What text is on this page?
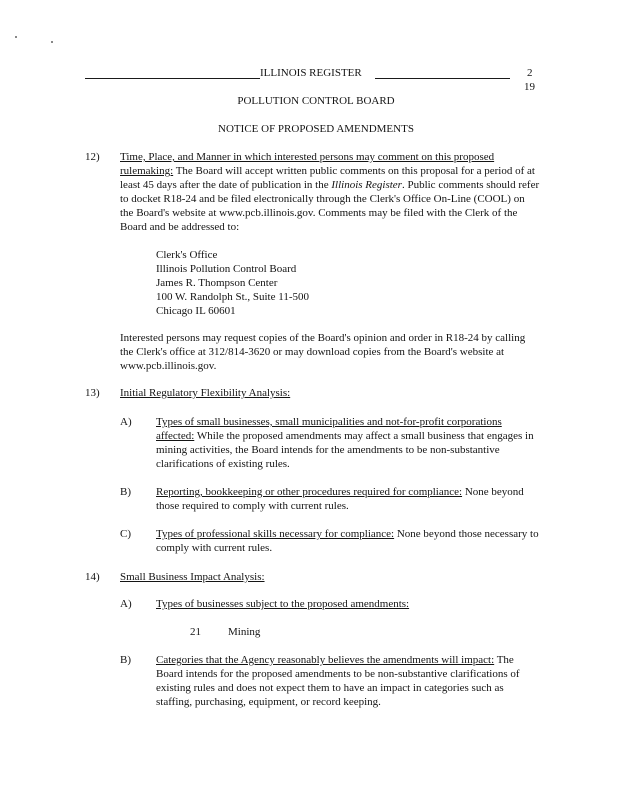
ILLINOIS REGISTER	2
19
POLLUTION CONTROL BOARD
NOTICE OF PROPOSED AMENDMENTS
12) Time, Place, and Manner in which interested persons may comment on this proposed rulemaking: The Board will accept written public comments on this proposal for a period of at least 45 days after the date of publication in the Illinois Register. Public comments should refer to docket R18-24 and be filed electronically through the Clerk's Office On-Line (COOL) on the Board's website at www.pcb.illinois.gov. Comments may be filed with the Clerk of the Board and be addressed to:
Clerk's Office
Illinois Pollution Control Board
James R. Thompson Center
100 W. Randolph St., Suite 11-500
Chicago IL 60601
Interested persons may request copies of the Board's opinion and order in R18-24 by calling the Clerk's office at 312/814-3620 or may download copies from the Board's website at www.pcb.illinois.gov.
13) Initial Regulatory Flexibility Analysis:
A) Types of small businesses, small municipalities and not-for-profit corporations affected: While the proposed amendments may affect a small business that engages in mining activities, the Board intends for the amendments to be non-substantive clarifications of existing rules.
B) Reporting, bookkeeping or other procedures required for compliance: None beyond those required to comply with current rules.
C) Types of professional skills necessary for compliance: None beyond those necessary to comply with current rules.
14) Small Business Impact Analysis:
A) Types of businesses subject to the proposed amendments:
21 Mining
B) Categories that the Agency reasonably believes the amendments will impact: The Board intends for the proposed amendments to be non-substantive clarifications of existing rules and does not expect them to have an impact in categories such as staffing, purchasing, equipment, or record keeping.
